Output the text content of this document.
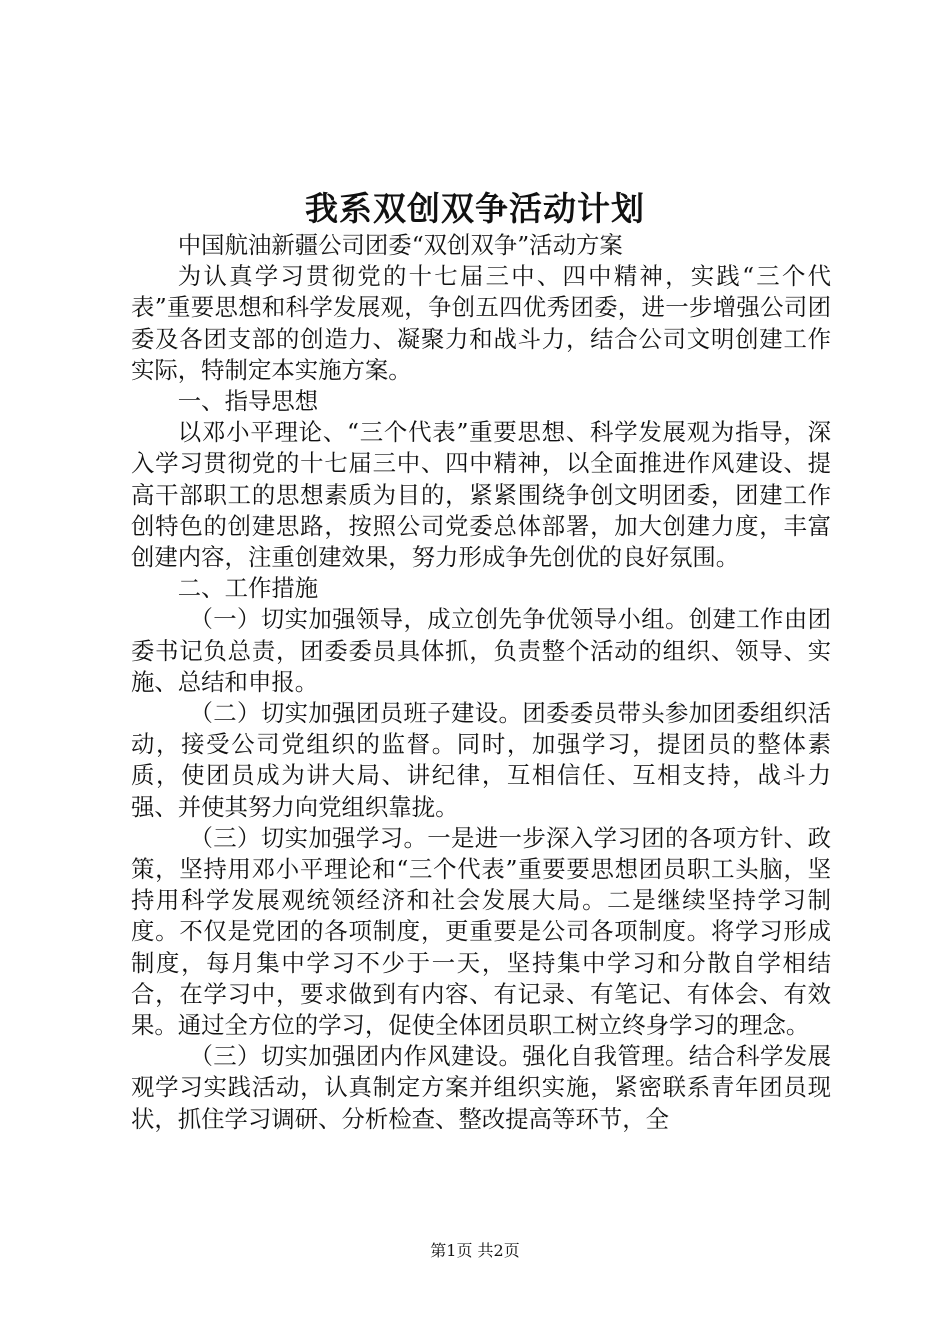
我系双创双争活动计划

中国航油新疆公司团委“双创双争”活动方案

为认真学习贯彻党的十七届三中、四中精神，实践“三个代表”重要思想和科学发展观，争创五四优秀团委，进一步增强公司团委及各团支部的创造力、凝聚力和战斗力，结合公司文明创建工作实际，特制定本实施方案。

一、指导思想

以邓小平理论、“三个代表”重要思想、科学发展观为指导，深入学习贯彻党的十七届三中、四中精神，以全面推进作风建设、提高干部职工的思想素质为目的，紧紧围绕争创文明团委，团建工作创特色的创建思路，按照公司党委总体部署，加大创建力度，丰富创建内容，注重创建效果，努力形成争先创优的良好氛围。

二、工作措施

（一）切实加强领导，成立创先争优领导小组。创建工作由团委书记负总责，团委委员具体抓，负责整个活动的组织、领导、实施、总结和申报。

（二）切实加强团员班子建设。团委委员带头参加团委组织活动，接受公司党组织的监督。同时，加强学习，提团员的整体素质，使团员成为讲大局、讲纪律，互相信任、互相支持，战斗力强、并使其努力向党组织靠拢。

（三）切实加强学习。一是进一步深入学习团的各项方针、政策，坚持用邓小平理论和“三个代表”重要要思想团员职工头脑，坚持用科学发展观统领经济和社会发展大局。二是继续坚持学习制度。不仅是党团的各项制度，更重要是公司各项制度。将学习形成制度，每月集中学习不少于一天，坚持集中学习和分散自学相结合，在学习中，要求做到有内容、有记录、有笔记、有体会、有效果。通过全方位的学习，促使全体团员职工树立终身学习的理念。

（三）切实加强团内作风建设。强化自我管理。结合科学发展观学习实践活动，认真制定方案并组织实施，紧密联系青年团员现状，抓住学习调研、分析检查、整改提高等环节，全

第1页 共2页
